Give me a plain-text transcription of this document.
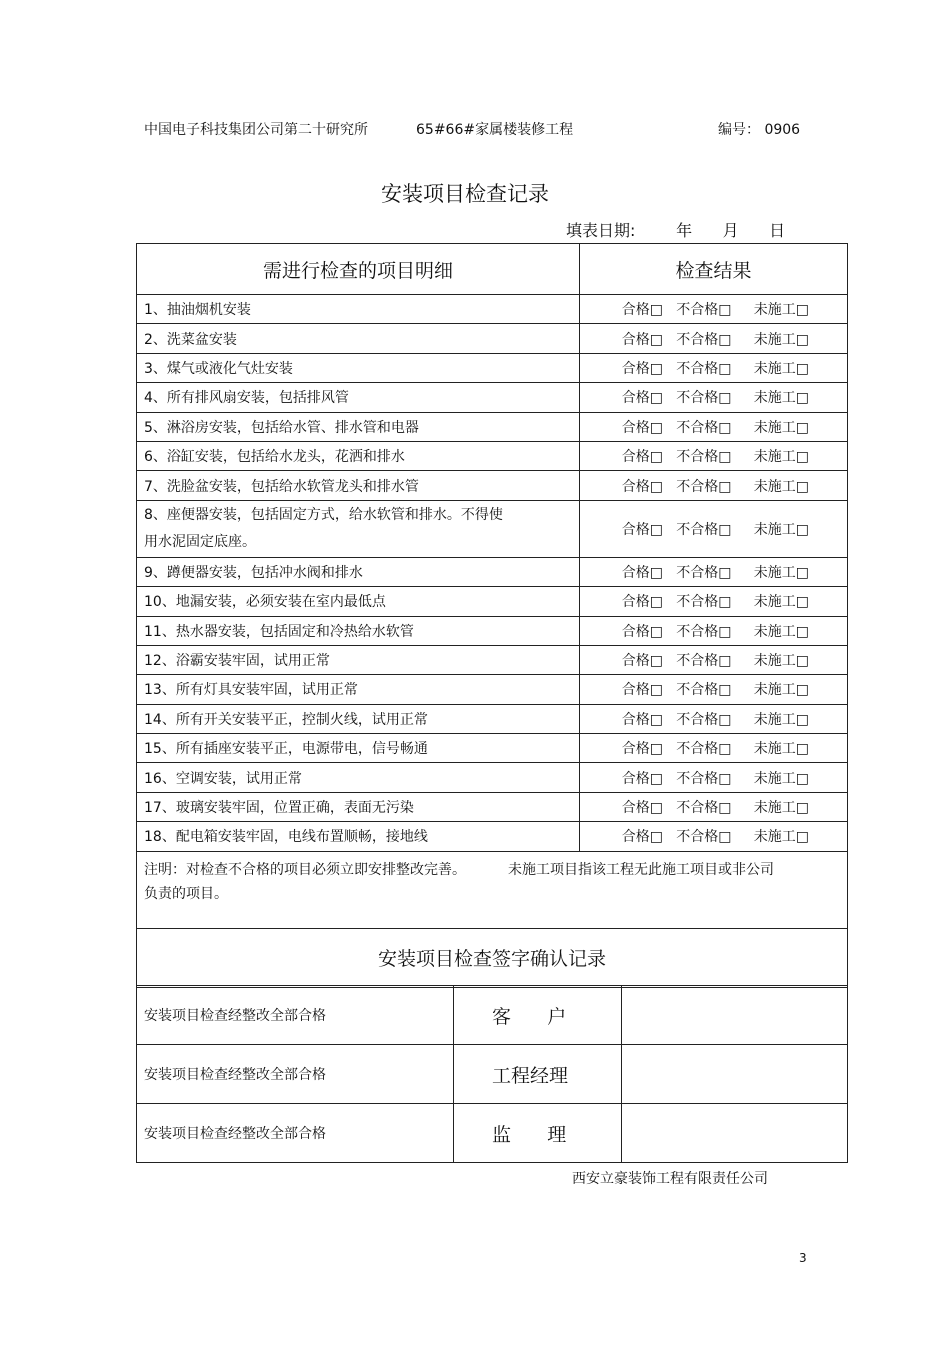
中国电子科技集团公司第二十研究所	65#66#家属楼装修工程	编号： 0906
安装项目检查记录
填表日期:        年      月      日
需进行检查的项目明细	检查结果
1、抽油烟机安装	合格□   不合格□     未施工□
2、洗菜盆安装	合格□   不合格□     未施工□
3、煤气或液化气灶安装	合格□   不合格□     未施工□
4、所有排风扇安装，包括排风管	合格□   不合格□     未施工□
5、淋浴房安装，包括给水管、排水管和电器	合格□   不合格□     未施工□
6、浴缸安装，包括给水龙头，花洒和排水	合格□   不合格□     未施工□
7、洗脸盆安装，包括给水软管龙头和排水管	合格□   不合格□     未施工□

8、座便器安装，包括固定方式，给水软管和排水。不得使
用水泥固定底座。	合格□   不合格□     未施工□
9、蹲便器安装，包括冲水阀和排水	合格□   不合格□     未施工□
10、地漏安装，必须安装在室内最低点	合格□   不合格□     未施工□
11、热水器安装，包括固定和冷热给水软管	合格□   不合格□     未施工□
12、浴霸安装牢固，试用正常	合格□   不合格□     未施工□
13、所有灯具安装牢固，试用正常	合格□   不合格□     未施工□
14、所有开关安装平正，控制火线，试用正常	合格□   不合格□     未施工□
15、所有插座安装平正，电源带电，信号畅通	合格□   不合格□     未施工□
16、空调安装，试用正常	合格□   不合格□     未施工□
17、玻璃安装牢固，位置正确，表面无污染	合格□   不合格□     未施工□
18、配电箱安装牢固，电线布置顺畅，接地线	合格□   不合格□     未施工□

注明：对检查不合格的项目必须立即安排整改完善。 未施工项目指该工程无此施工项目或非公司
负责的项目。	

安装项目检查签字确认记录	
安装项目检查经整改全部合格	客      户	
安装项目检查经整改全部合格	工程经理	
安装项目检查经整改全部合格	监      理	
西安立豪装饰工程有限责任公司
3
